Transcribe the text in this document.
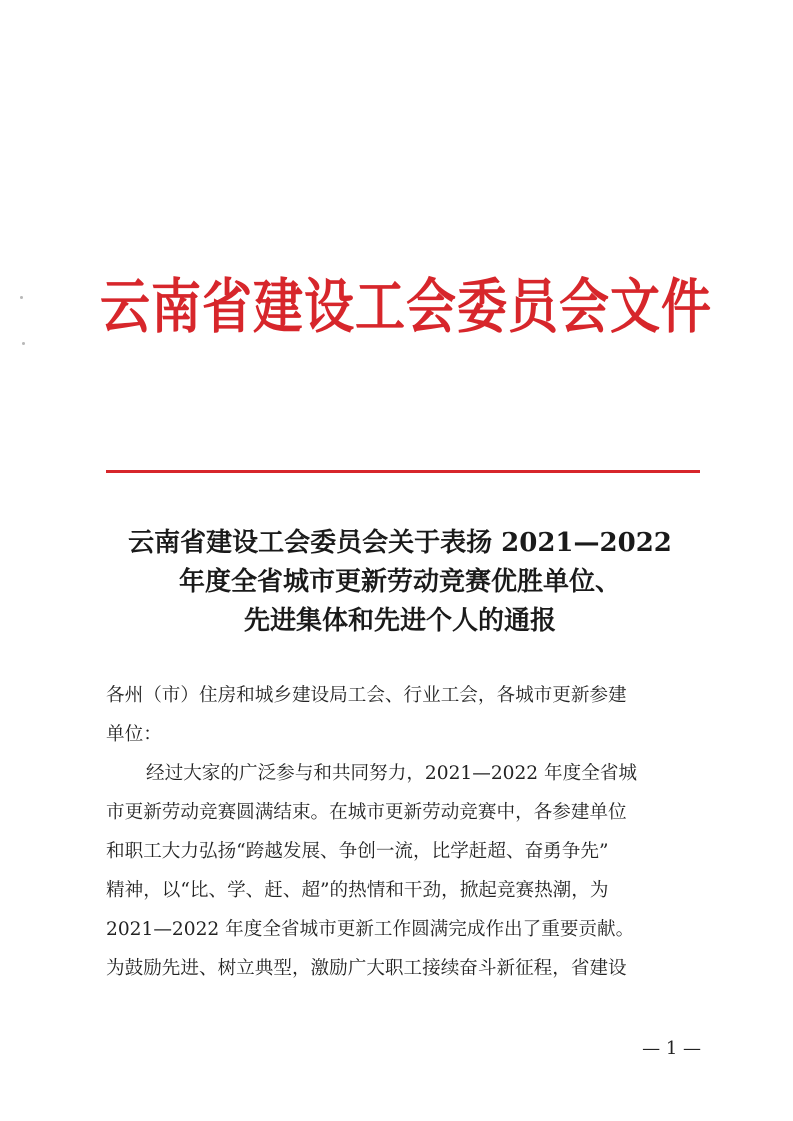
云南省建设工会委员会文件
云南省建设工会委员会关于表扬 2021—2022
年度全省城市更新劳动竞赛优胜单位、
先进集体和先进个人的通报
各州（市）住房和城乡建设局工会、行业工会，各城市更新参建
单位：
经过大家的广泛参与和共同努力，2021—2022 年度全省城
市更新劳动竞赛圆满结束。在城市更新劳动竞赛中，各参建单位
和职工大力弘扬“跨越发展、争创一流，比学赶超、奋勇争先”
精神，以“比、学、赶、超”的热情和干劲，掀起竞赛热潮，为
2021—2022 年度全省城市更新工作圆满完成作出了重要贡献。
为鼓励先进、树立典型，激励广大职工接续奋斗新征程，省建设
— 1 —
